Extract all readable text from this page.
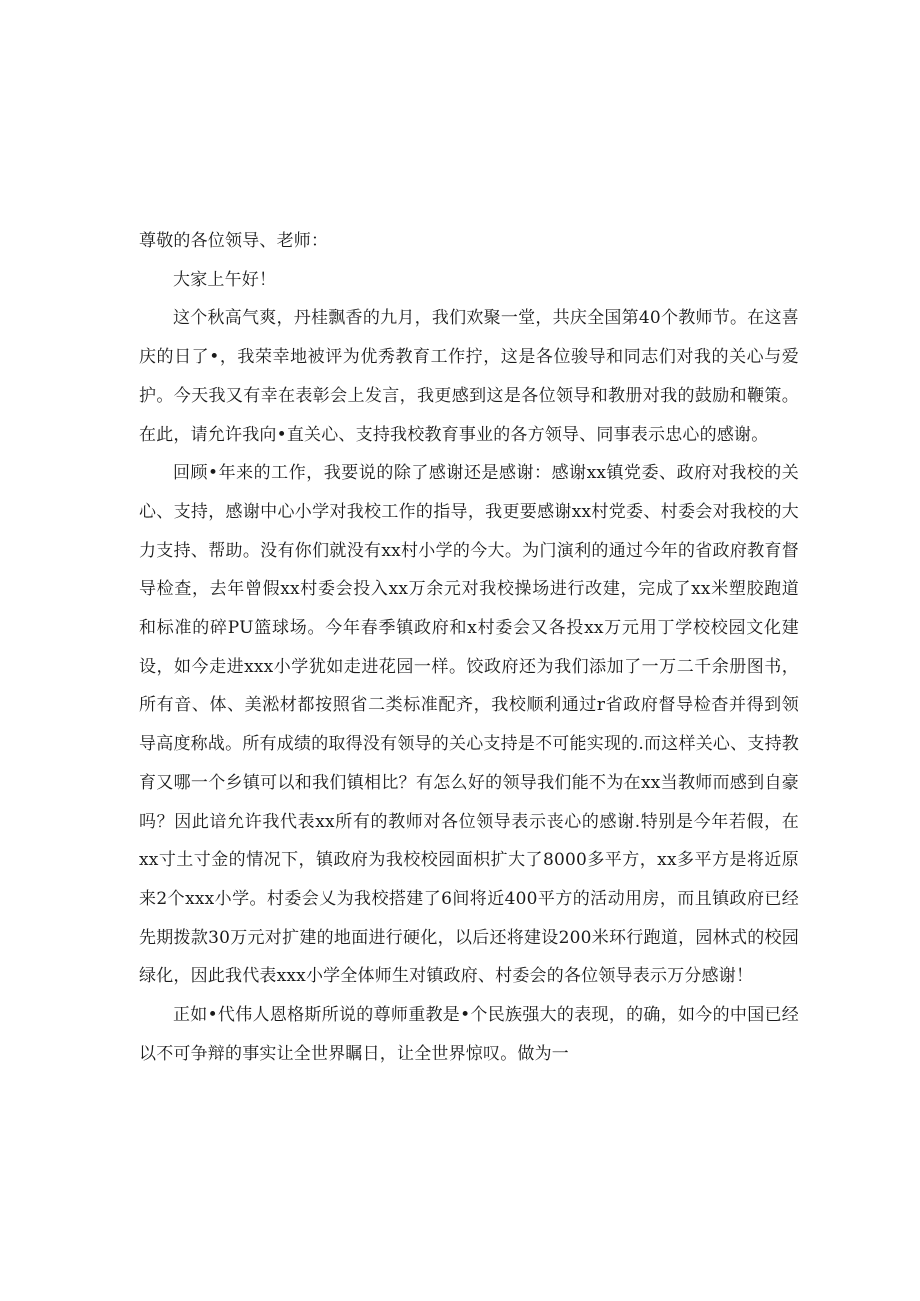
尊敬的各位领导、老师：

大家上午好！

这个秋高气爽，丹桂飘香的九月，我们欢聚一堂，共庆全国第40个教师节。在这喜庆的日了•，我荣幸地被评为优秀教育工作拧，这是各位骏导和同志们对我的关心与爱护。今天我又有幸在表彰会上发言，我更感到这是各位领导和教册对我的鼓励和鞭策。在此，请允许我向•直关心、支持我校教育事业的各方领导、同事表示忠心的感谢。

回顾•年来的工作，我要说的除了感谢还是感谢：感谢xx镇党委、政府对我校的关心、支持，感谢中心小学对我校工作的指导，我更要感谢xx村党委、村委会对我校的大力支持、帮助。没有你们就没有xx村小学的今大。为门演利的通过今年的省政府教育督导检查，去年曾假xx村委会投入xx万余元对我校操场进行改建，完成了xx米塑胶跑道和标准的碎PU篮球场。今年春季镇政府和x村委会又各投xx万元用丁学校校园文化建设，如今走进xxx小学犹如走进花园一样。饺政府还为我们添加了一万二千余册图书，所有音、体、美淞材都按照省二类标准配齐，我校顺利通过r省政府督导检杳并得到领导高度称战。所有成绩的取得没有领导的关心支持是不可能实现的.而这样关心、支持教育又哪一个乡镇可以和我们镇相比？有怎么好的领导我们能不为在xx当教师而感到自豪吗？因此谙允许我代表xx所有的教师对各位领导表示丧心的感谢.特别是今年若假，在xx寸土寸金的情况下，镇政府为我校校园面枳扩大了8000多平方，xx多平方是将近原来2个xxx小学。村委会乂为我校搭建了6间将近400平方的活动用房，而且镇政府已经先期拨款30万元对扩建的地面进行硬化，以后还将建设200米环行跑道，园林式的校园绿化，因此我代表xxx小学全体师生对镇政府、村委会的各位领导表示万分感谢！

正如•代伟人恩格斯所说的尊师重教是•个民族强大的表现，的确，如今的中国已经以不可争辩的事实让全世界瞩日，让全世界惊叹。做为一
